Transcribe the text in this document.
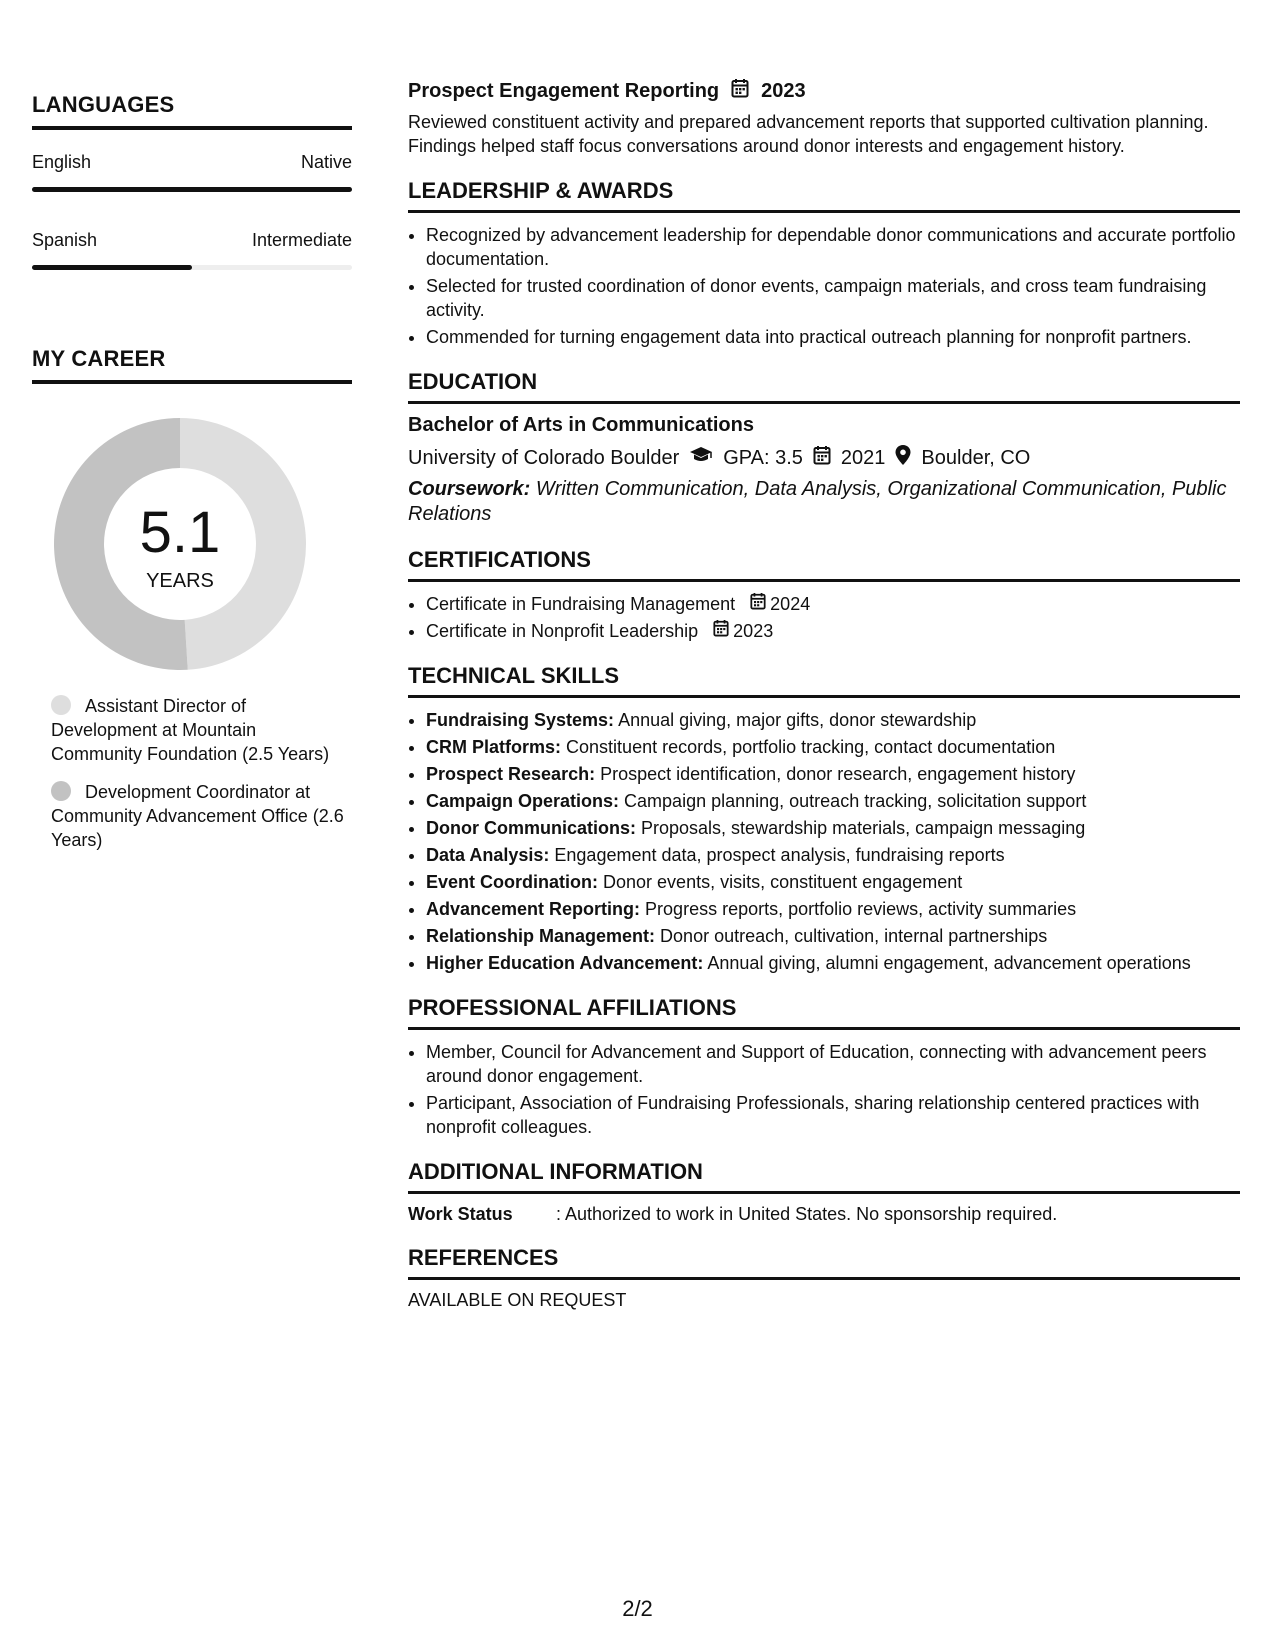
LANGUAGES
English	Native
Spanish	Intermediate
MY CAREER
5.1
YEARS
Assistant Director of Development at Mountain Community Foundation (2.5 Years)
Development Coordinator at Community Advancement Office (2.6 Years)
Prospect Engagement Reporting 2023
Reviewed constituent activity and prepared advancement reports that supported cultivation planning. Findings helped staff focus conversations around donor interests and engagement history.
LEADERSHIP & AWARDS
• Recognized by advancement leadership for dependable donor communications and accurate portfolio documentation.
• Selected for trusted coordination of donor events, campaign materials, and cross team fundraising activity.
• Commended for turning engagement data into practical outreach planning for nonprofit partners.
EDUCATION
Bachelor of Arts in Communications
University of Colorado Boulder GPA: 3.5 2021 Boulder, CO
Coursework: Written Communication, Data Analysis, Organizational Communication, Public Relations
CERTIFICATIONS
• Certificate in Fundraising Management 2024
• Certificate in Nonprofit Leadership 2023
TECHNICAL SKILLS
• Fundraising Systems: Annual giving, major gifts, donor stewardship
• CRM Platforms: Constituent records, portfolio tracking, contact documentation
• Prospect Research: Prospect identification, donor research, engagement history
• Campaign Operations: Campaign planning, outreach tracking, solicitation support
• Donor Communications: Proposals, stewardship materials, campaign messaging
• Data Analysis: Engagement data, prospect analysis, fundraising reports
• Event Coordination: Donor events, visits, constituent engagement
• Advancement Reporting: Progress reports, portfolio reviews, activity summaries
• Relationship Management: Donor outreach, cultivation, internal partnerships
• Higher Education Advancement: Annual giving, alumni engagement, advancement operations
PROFESSIONAL AFFILIATIONS
• Member, Council for Advancement and Support of Education, connecting with advancement peers around donor engagement.
• Participant, Association of Fundraising Professionals, sharing relationship centered practices with nonprofit colleagues.
ADDITIONAL INFORMATION
Work Status	: Authorized to work in United States. No sponsorship required.
REFERENCES
AVAILABLE ON REQUEST
2/2
